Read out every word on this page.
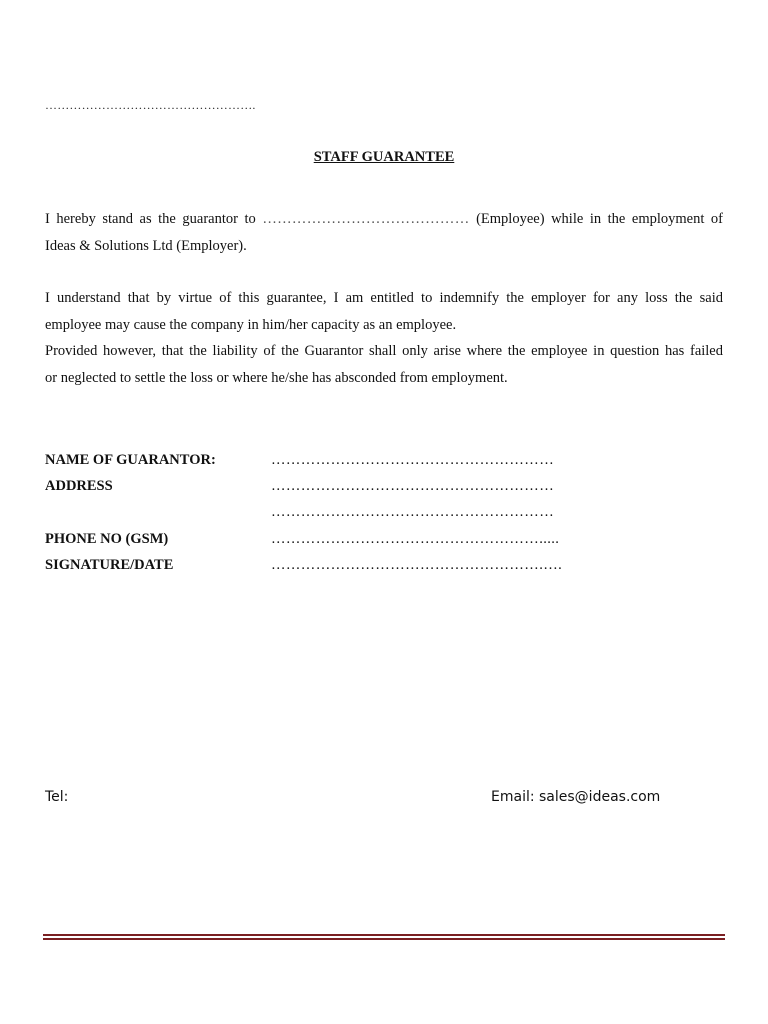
…………………………………………….
STAFF GUARANTEE
I hereby stand as the guarantor to …………………………………… (Employee) while in the employment of
Ideas & Solutions Ltd (Employer).
I understand that by virtue of this guarantee, I am entitled to indemnify the employer for any loss the said
employee may cause the company in him/her capacity as an employee.
Provided however, that the liability of the Guarantor shall only arise where the employee in question has failed
or neglected to settle the loss or where he/she has absconded from employment.
NAME OF GUARANTOR:	…………………………………………………
ADDRESS	…………………………………………………
…………………………………………………
PHONE NO (GSM)	……………………………………………….....
SIGNATURE/DATE	……………………………………………….….
Tel:	Email: sales@ideas.com
